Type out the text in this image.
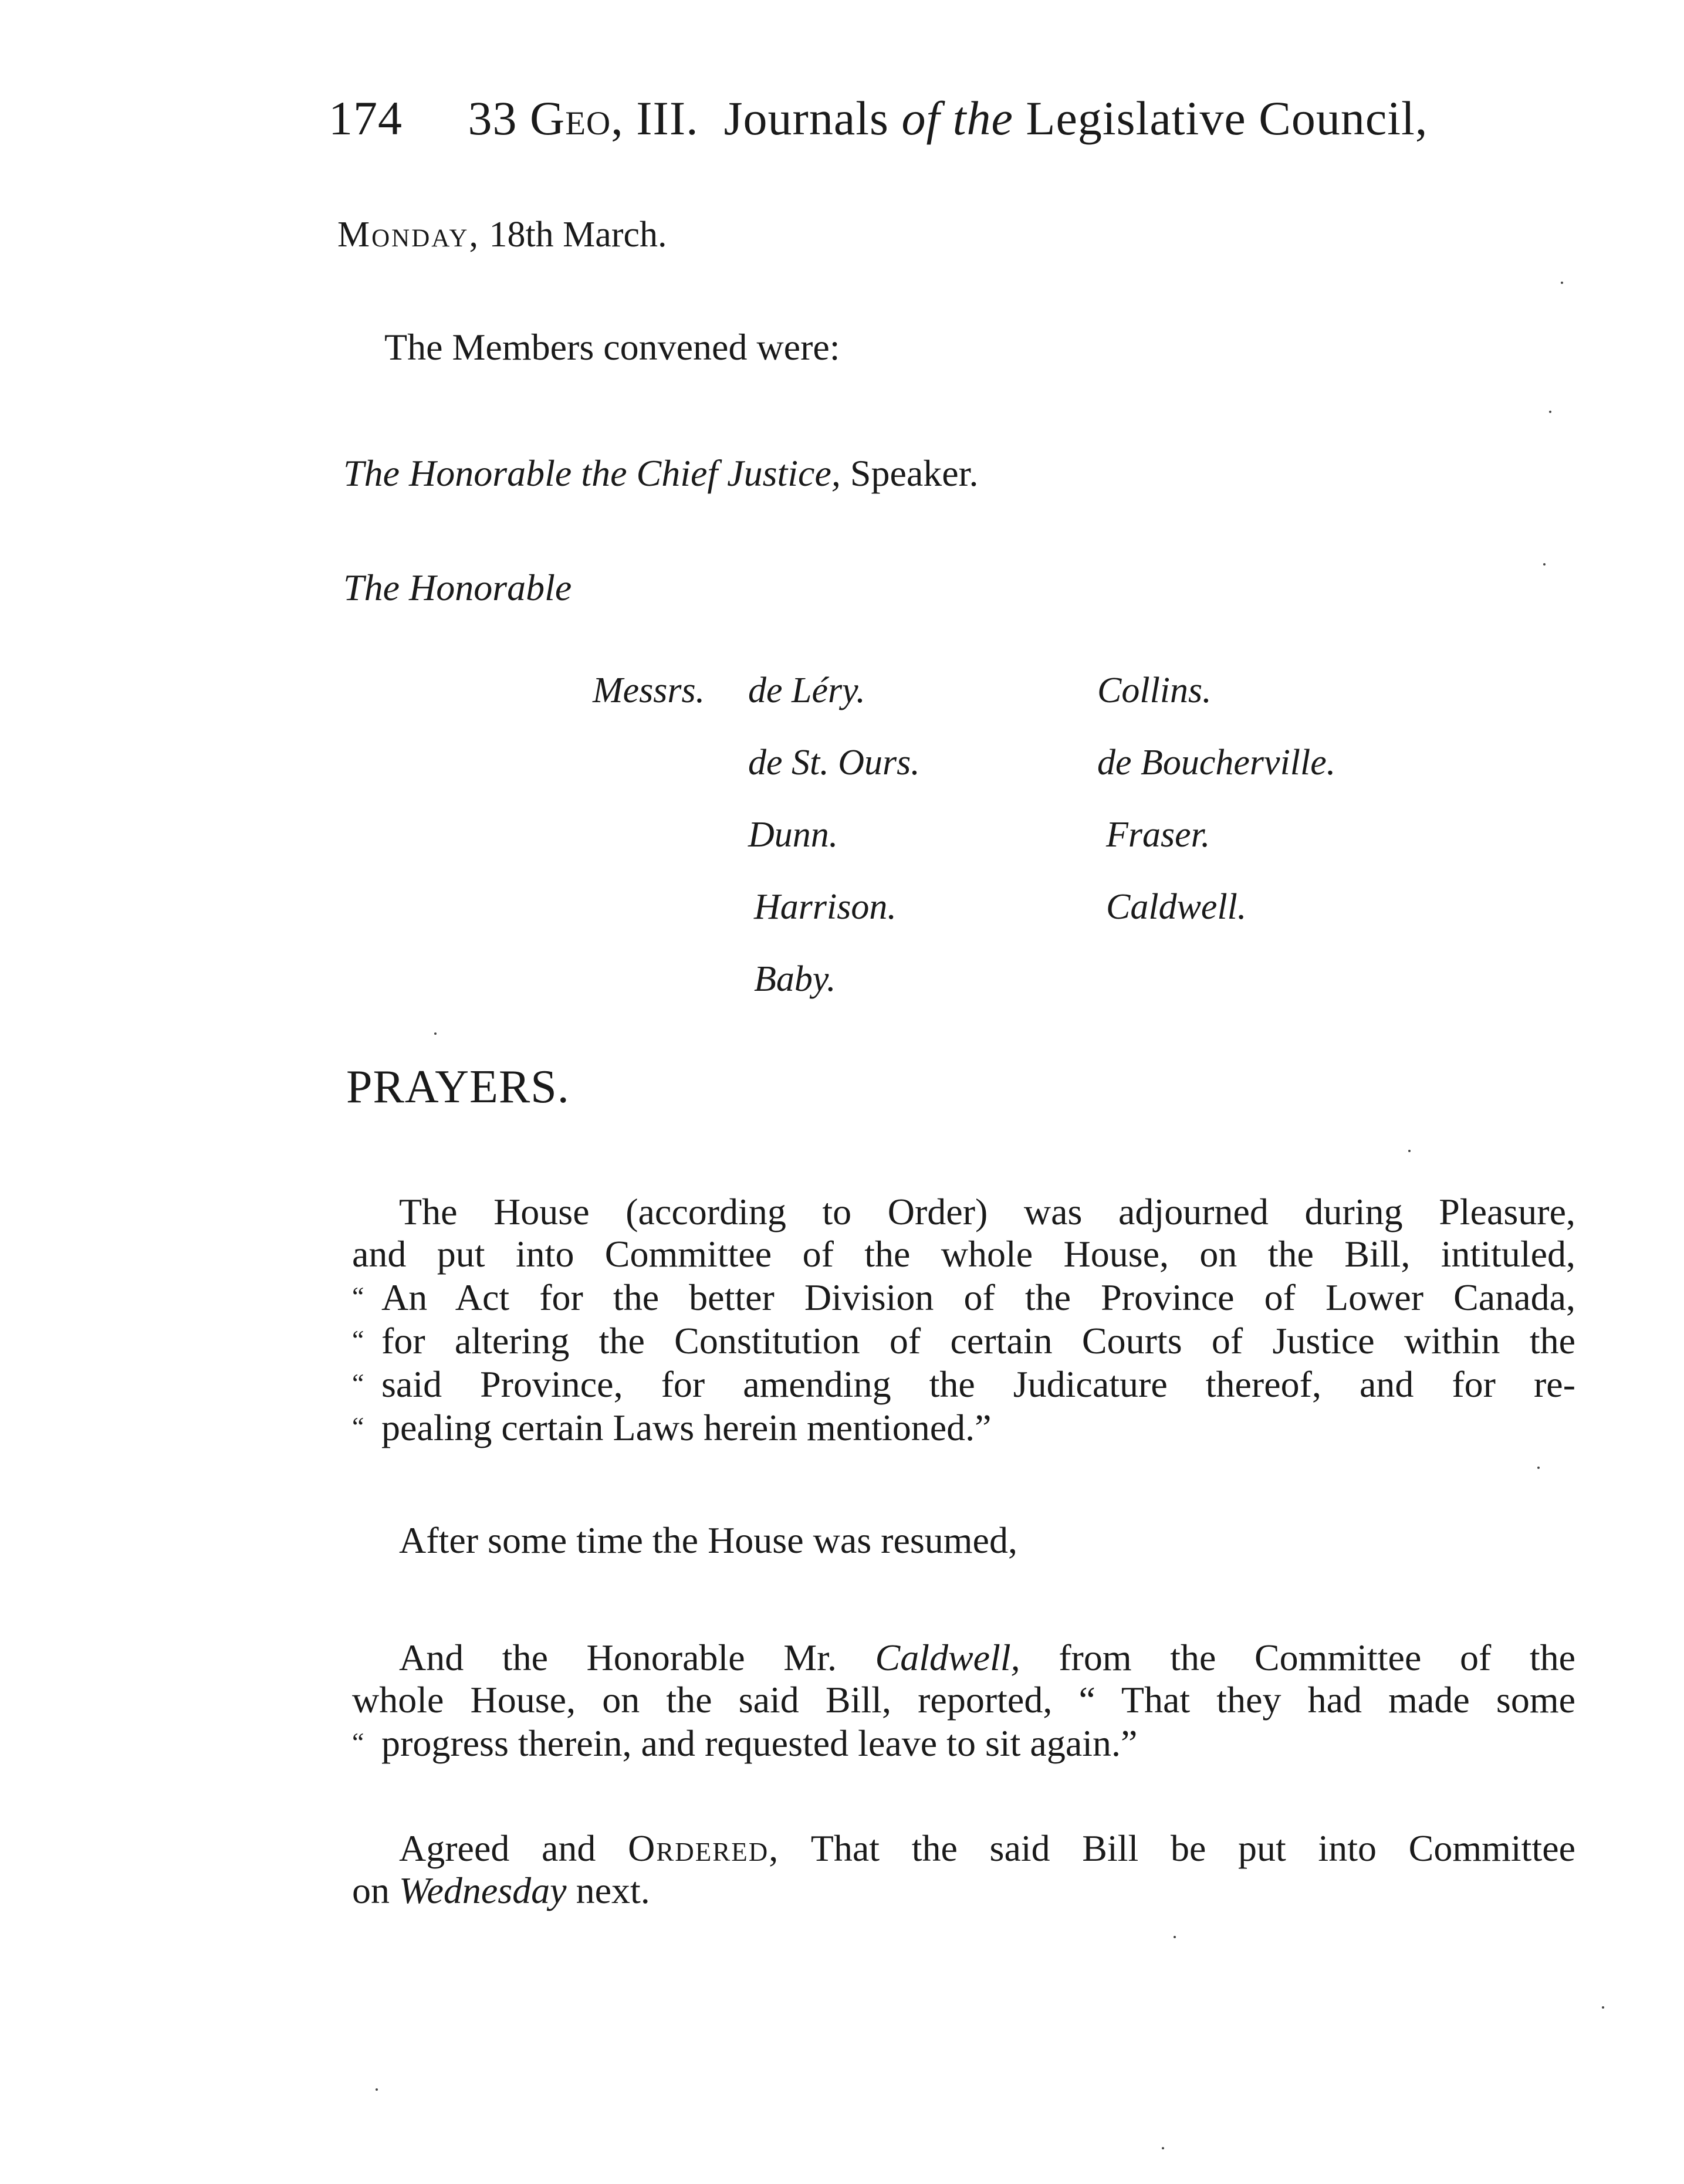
174 33 Geo, III. Journals of the Legislative Council,
Monday, 18th March.
The Members convened were:
The Honorable the Chief Justice, Speaker.
The Honorable
Messrs. de Léry.
de St. Ours.
Dunn.
Harrison.
Baby.
Collins.
de Boucherville.
Fraser.
Caldwell.
PRAYERS.
The House (according to Order) was adjourned during Pleasure,
and put into Committee of the whole House, on the Bill, intituled,
“ An Act for the better Division of the Province of Lower Canada,
“ for altering the Constitution of certain Courts of Justice within the
“ said Province, for amending the Judicature thereof, and for re-
“ pealing certain Laws herein mentioned.”
After some time the House was resumed,
And the Honorable Mr. Caldwell, from the Committee of the
whole House, on the said Bill, reported, “ That they had made some
“ progress therein, and requested leave to sit again.”
Agreed and Ordered, That the said Bill be put into Committee
on Wednesday next.
